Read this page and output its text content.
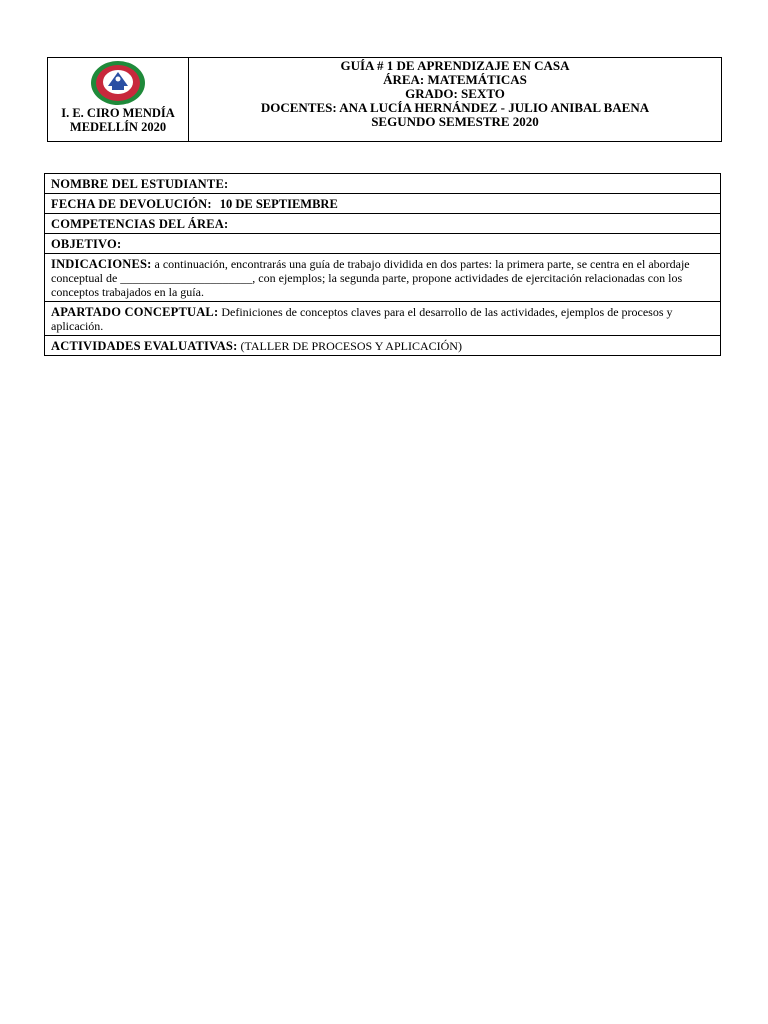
I. E. CIRO MENDÍA
MEDELLÍN 2020
GUÍA # 1 DE APRENDIZAJE EN CASA
ÁREA: MATEMÁTICAS
GRADO: SEXTO
DOCENTES: ANA LUCÍA HERNÁNDEZ - JULIO ANIBAL BAENA
SEGUNDO SEMESTRE 2020
NOMBRE DEL ESTUDIANTE:
FECHA DE DEVOLUCIÓN: 10 DE SEPTIEMBRE
COMPETENCIAS DEL ÁREA:
OBJETIVO:
INDICACIONES: a continuación, encontrarás una guía de trabajo dividida en dos partes: la primera parte, se centra en el abordaje conceptual de ______________________, con ejemplos; la segunda parte, propone actividades de ejercitación relacionadas con los conceptos trabajados en la guía.
APARTADO CONCEPTUAL: Definiciones de conceptos claves para el desarrollo de las actividades, ejemplos de procesos y aplicación.
ACTIVIDADES EVALUATIVAS: (TALLER DE PROCESOS Y APLICACIÓN)
